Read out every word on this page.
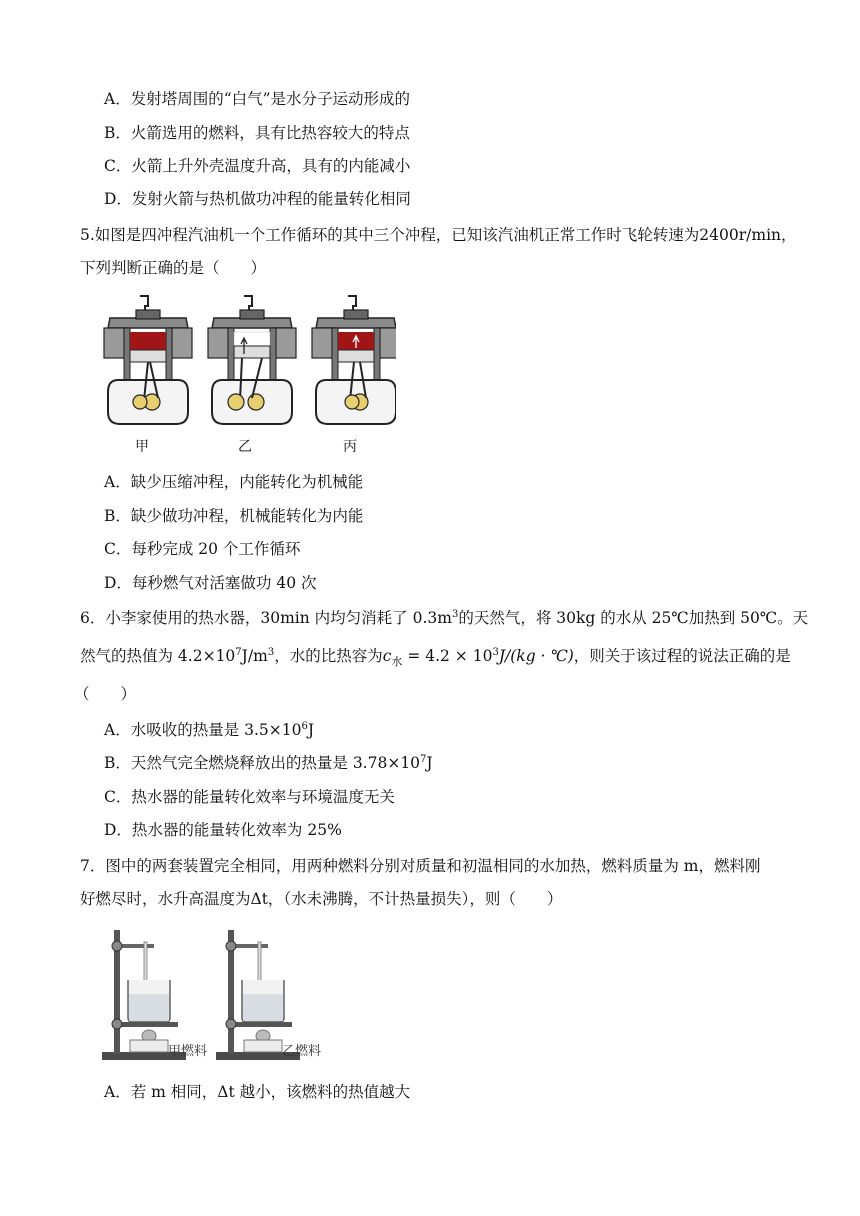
A．发射塔周围的“白气”是水分子运动形成的
B．火箭选用的燃料，具有比热容较大的特点
C．火箭上升外壳温度升高，具有的内能减小
D．发射火箭与热机做功冲程的能量转化相同
5.如图是四冲程汽油机一个工作循环的其中三个冲程，已知该汽油机正常工作时飞轮转速为2400r/min，
下列判断正确的是（　　）
甲	乙	丙
A．缺少压缩冲程，内能转化为机械能
B．缺少做功冲程，机械能转化为内能
C．每秒完成 20 个工作循环
D．每秒燃气对活塞做功 40 次
6．小李家使用的热水器，30min 内均匀消耗了 $0.3m^3$的天然气，将 30kg 的水从 25℃加热到 50℃。天
然气的热值为 $4.2\times 10^7J/m^3$，水的比热容为$c_水 = 4.2 \times 10^3J/(kg$ · ℃)，则关于该过程的说法正确的是
（　　）
A．水吸收的热量是 $3.5\times 10^6J$
B．天然气完全燃烧释放出的热量是 $3.78\times 10^7J$
C．热水器的能量转化效率与环境温度无关
D．热水器的能量转化效率为 25%
7．图中的两套装置完全相同，用两种燃料分别对质量和初温相同的水加热，燃料质量为 m，燃料刚
好燃尽时，水升高温度为Δt，（水未沸腾，不计热量损失），则（　　）
甲燃料	乙燃料
A．若 m 相同，Δt 越小，该燃料的热值越大
